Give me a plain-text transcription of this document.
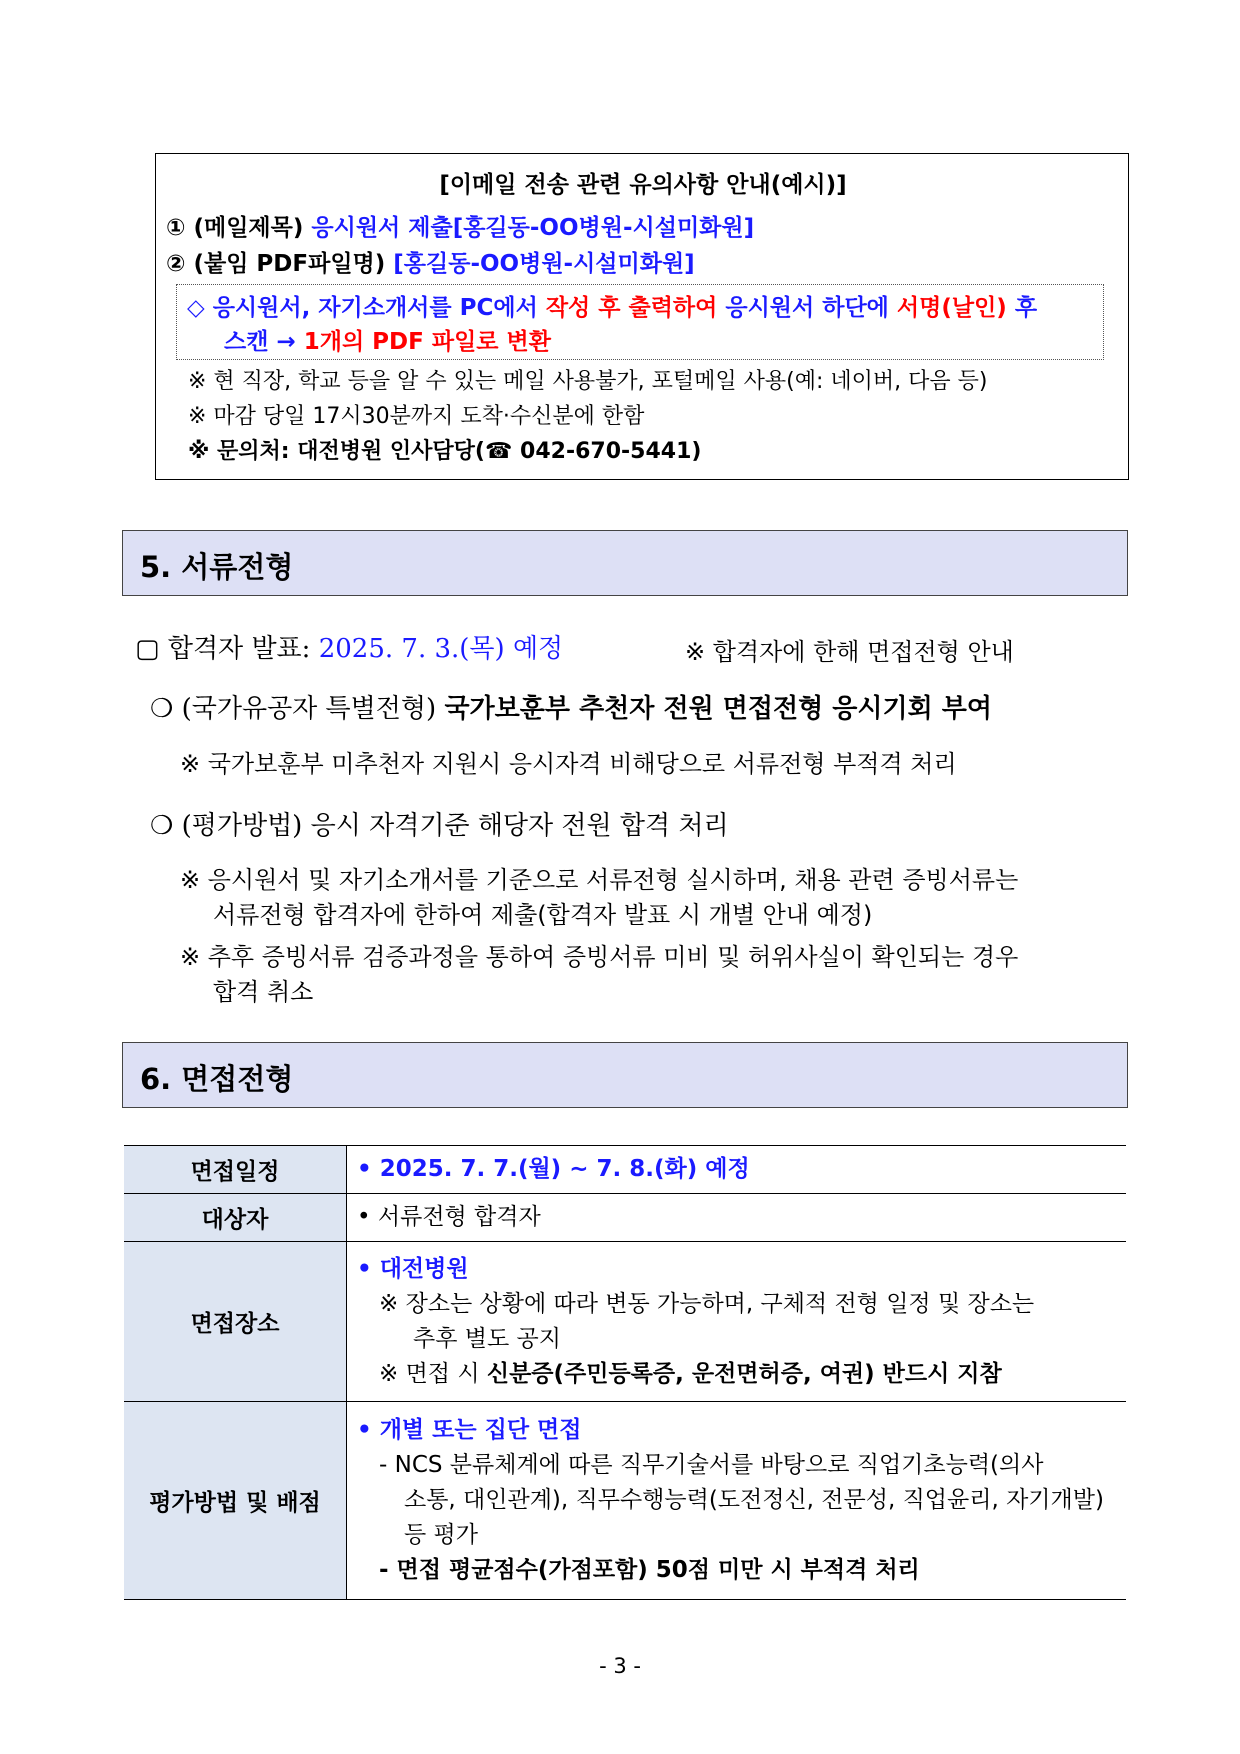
[이메일 전송 관련 유의사항 안내(예시)]
① (메일제목) 응시원서 제출[홍길동-OO병원-시설미화원]
② (붙임 PDF파일명) [홍길동-OO병원-시설미화원]
◇ 응시원서, 자기소개서를 PC에서 작성 후 출력하여 응시원서 하단에 서명(날인) 후
스캔 → 1개의 PDF 파일로 변환
※ 현 직장, 학교 등을 알 수 있는 메일 사용불가, 포털메일 사용(예: 네이버, 다음 등)
※ 마감 당일 17시30분까지 도착·수신분에 한함
※ 문의처: 대전병원 인사담당(☎ 042-670-5441)
5. 서류전형
▢ 합격자 발표: 2025. 7. 3.(목) 예정	※ 합격자에 한해 면접전형 안내
❍ (국가유공자 특별전형) 국가보훈부 추천자 전원 면접전형 응시기회 부여
※ 국가보훈부 미추천자 지원시 응시자격 비해당으로 서류전형 부적격 처리
❍ (평가방법) 응시 자격기준 해당자 전원 합격 처리
※ 응시원서 및 자기소개서를 기준으로 서류전형 실시하며, 채용 관련 증빙서류는
서류전형 합격자에 한하여 제출(합격자 발표 시 개별 안내 예정)
※ 추후 증빙서류 검증과정을 통하여 증빙서류 미비 및 허위사실이 확인되는 경우
합격 취소
6. 면접전형
면접일정	• 2025. 7. 7.(월) ~ 7. 8.(화) 예정
대상자	• 서류전형 합격자
면접장소	• 대전병원
※ 장소는 상황에 따라 변동 가능하며, 구체적 전형 일정 및 장소는
추후 별도 공지
※ 면접 시 신분증(주민등록증, 운전면허증, 여권) 반드시 지참

평가방법 및 배점	• 개별 또는 집단 면접
- NCS 분류체계에 따른 직무기술서를 바탕으로 직업기초능력(의사
소통, 대인관계), 직무수행능력(도전정신, 전문성, 직업윤리, 자기개발)
등 평가
- 면접 평균점수(가점포함) 50점 미만 시 부적격 처리
- 3 -
